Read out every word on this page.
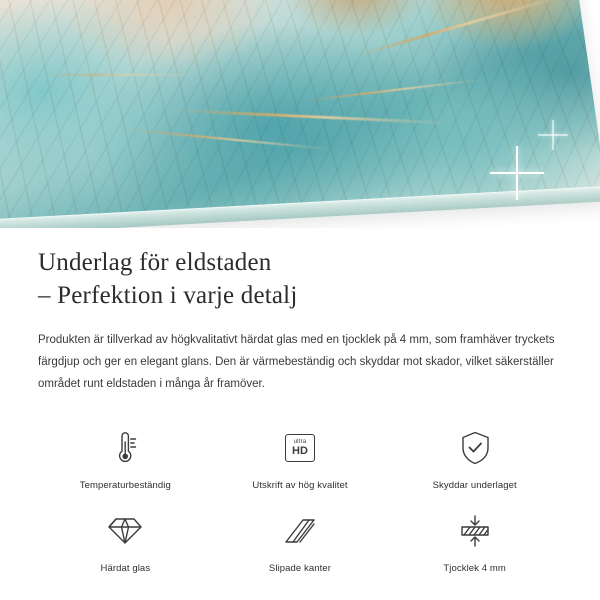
Underlag för eldstaden
– Perfektion i varje detalj

Produkten är tillverkad av högkvalitativt härdat glas med en tjocklek på 4 mm, som framhäver tryckets färgdjup och ger en elegant glans. Den är värmebeständig och skyddar mot skador, vilket säkerställer området runt eldstaden i många år framöver.

Temperaturbeständig
ultra
HD
Utskrift av hög kvalitet	Skyddar underlaget
Härdat glas	Slipade kanter	Tjocklek 4 mm
